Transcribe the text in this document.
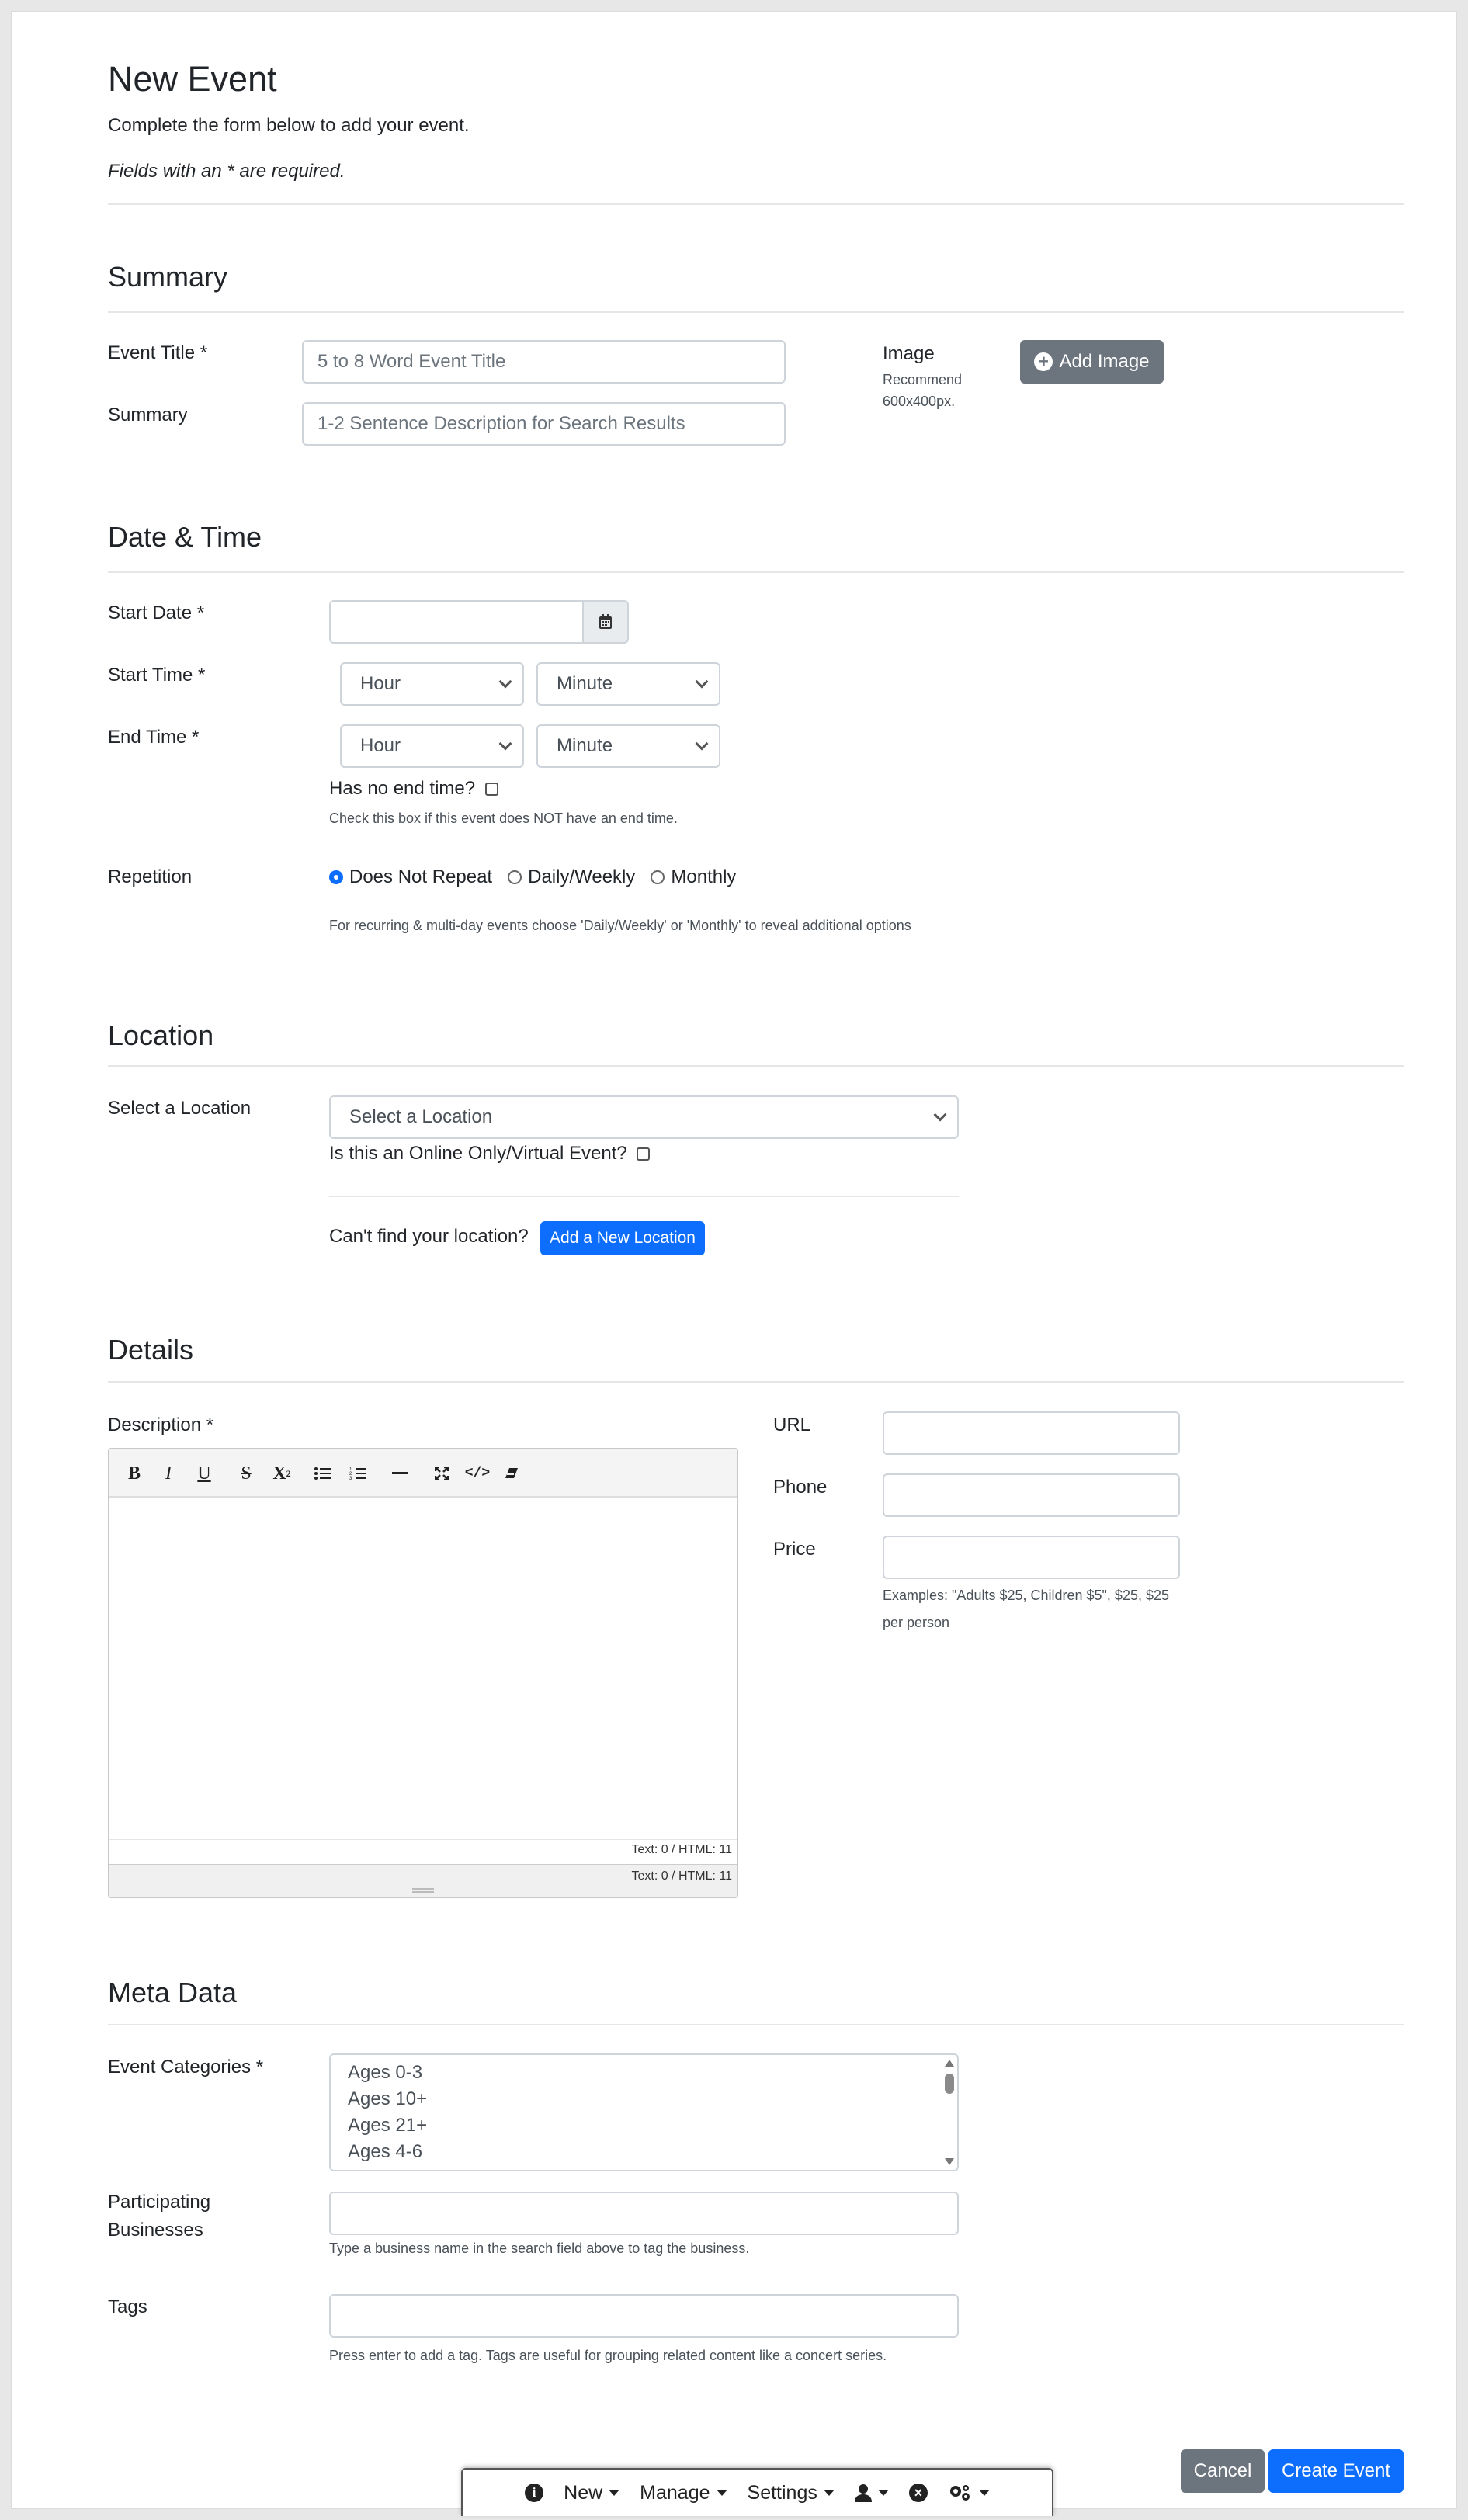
New Event
Complete the form below to add your event.
Fields with an * are required.
Summary
Event Title *
5 to 8 Word Event Title
Summary
1-2 Sentence Description for Search Results
Image
Recommend
600x400px.
+ Add Image
Date & Time
Start Date *
Start Time *	Hour	Minute
End Time *	Hour	Minute
Has no end time?
Check this box if this event does NOT have an end time.
Repetition	Does Not Repeat Daily/Weekly Monthly
For recurring & multi-day events choose 'Daily/Weekly' or 'Monthly' to reveal additional options
Location
Select a Location	Select a Location
Is this an Online Only/Virtual Event?
Can't find your location?	Add a New Location
Details
Description *
B	I	U	S	X 2	1
2
3	</>
Text: 0 / HTML: 11
Text: 0 / HTML: 11
URL
Phone
Price
Examples: "Adults $25, Children $5", $25, $25
per person
Meta Data
Event Categories *	Ages 0-3
Ages 10+
Ages 21+
Ages 4-6
Participating
Businesses
Type a business name in the search field above to tag the business.
Tags
Press enter to add a tag. Tags are useful for grouping related content like a concert series.
Cancel	Create Event
i	New Manage Settings	×
